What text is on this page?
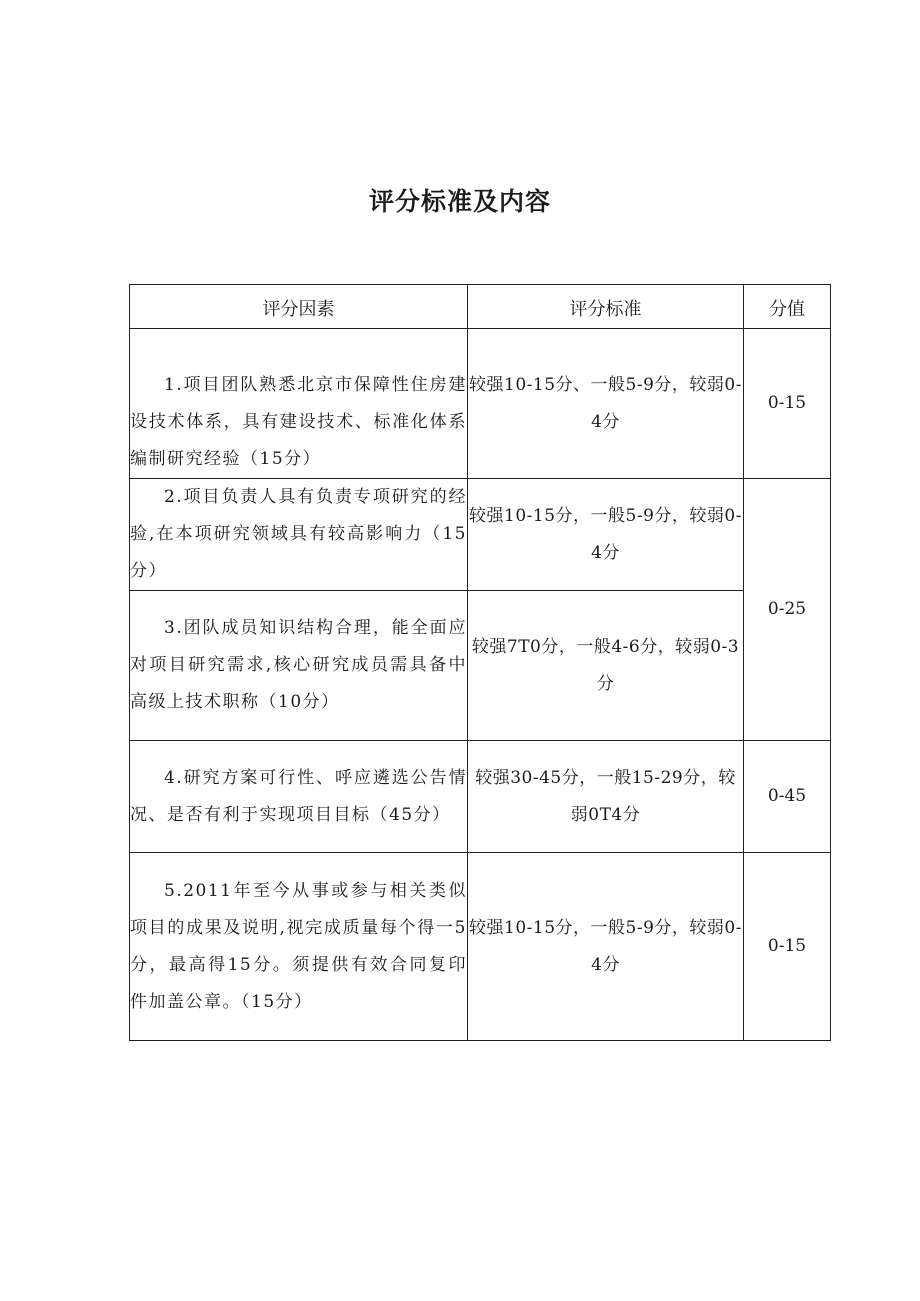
评分标准及内容
评分因素	评分标准	分值

1.项目团队熟悉北京市保障性住房建设技术体系，具有建设技术、标准化体系编制研究经验（15分）	较强10-15分、一般5-9分，较弱0-4分	0-15

2.项目负责人具有负责专项研究的经验,在本项研究领域具有较高影响力（15分）	较强10-15分，一般5-9分，较弱0-4分	0-25

3.团队成员知识结构合理，能全面应对项目研究需求,核心研究成员需具备中高级上技术职称（10分）	较强7T0分，一般4-6分，较弱0-3分	

4.研究方案可行性、呼应遴选公告情况、是否有利于实现项目目标（45分）	较强30-45分，一般15-29分，较弱0T4分	0-45

5.2011年至今从事或参与相关类似项目的成果及说明,视完成质量每个得一5分，最高得15分。须提供有效合同复印件加盖公章。（15分）	较强10-15分，一般5-9分，较弱0-4分	0-15
